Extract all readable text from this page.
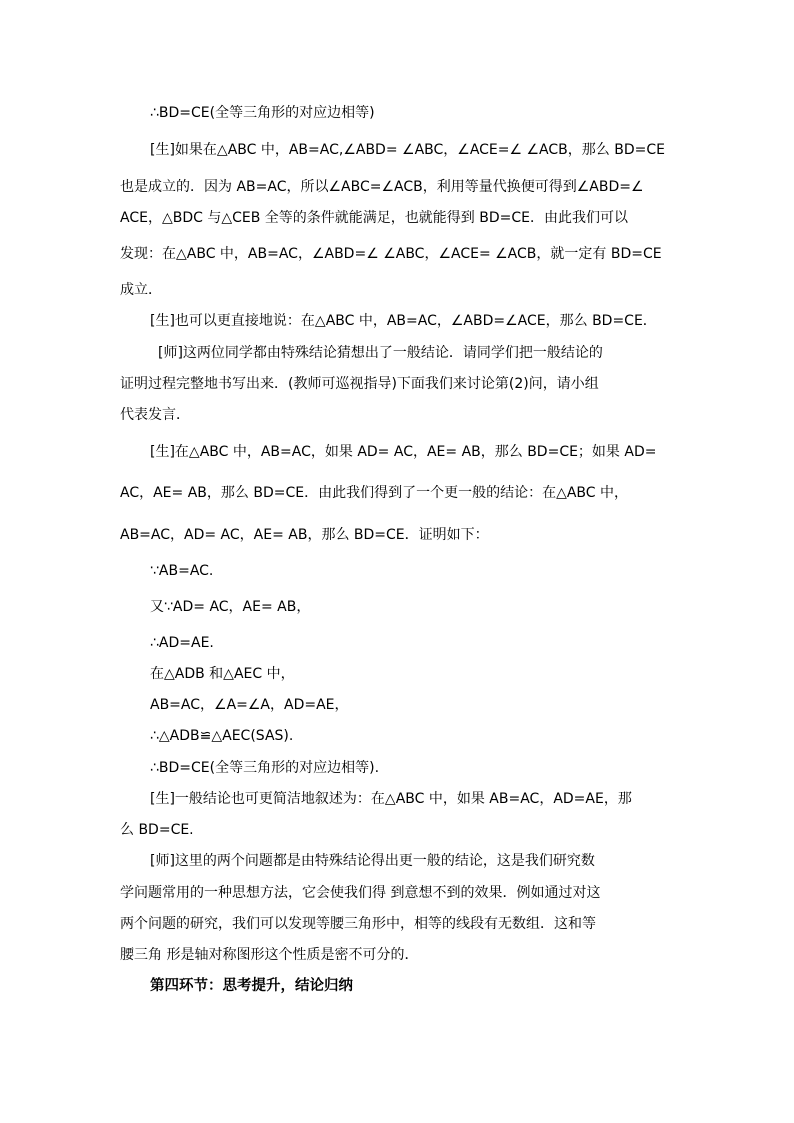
∴BD=CE(全等三角形的对应边相等)

[生]如果在△ABC 中，AB=AC,∠ABD= ∠ABC，∠ACE=∠ ∠ACB，那么 BD=CE

也是成立的．因为 AB=AC，所以∠ABC=∠ACB，利用等量代换便可得到∠ABD=∠

ACE，△BDC 与△CEB 全等的条件就能满足，也就能得到 BD=CE．由此我们可以

发现：在△ABC 中，AB=AC，∠ABD=∠ ∠ABC，∠ACE= ∠ACB，就一定有 BD=CE

成立．

[生]也可以更直接地说：在△ABC 中，AB=AC，∠ABD=∠ACE，那么 BD=CE．

[师]这两位同学都由特殊结论猜想出了一般结论．请同学们把一般结论的

证明过程完整地书写出来．(教师可巡视指导)下面我们来讨论第(2)问，请小组

代表发言．

[生]在△ABC 中，AB=AC，如果 AD= AC，AE= AB，那么 BD=CE；如果 AD=

AC，AE= AB，那么 BD=CE．由此我们得到了一个更一般的结论：在△ABC 中，

AB=AC，AD= AC，AE= AB，那么 BD=CE．证明如下：

∵AB=AC.

又∵AD= AC，AE= AB，

∴AD=AE.

在△ADB 和△AEC 中，

AB=AC，∠A=∠A，AD=AE，

∴△ADB≌△AEC(SAS).

∴BD=CE(全等三角形的对应边相等).

[生]一般结论也可更简洁地叙述为：在△ABC 中，如果 AB=AC，AD=AE，那

么 BD=CE.

[师]这里的两个问题都是由特殊结论得出更一般的结论，这是我们研究数

学问题常用的一种思想方法，它会使我们得 到意想不到的效果．例如通过对这

两个问题的研究，我们可以发现等腰三角形中，相等的线段有无数组．这和等

腰三角 形是轴对称图形这个性质是密不可分的．

第四环节：思考提升，结论归纳
